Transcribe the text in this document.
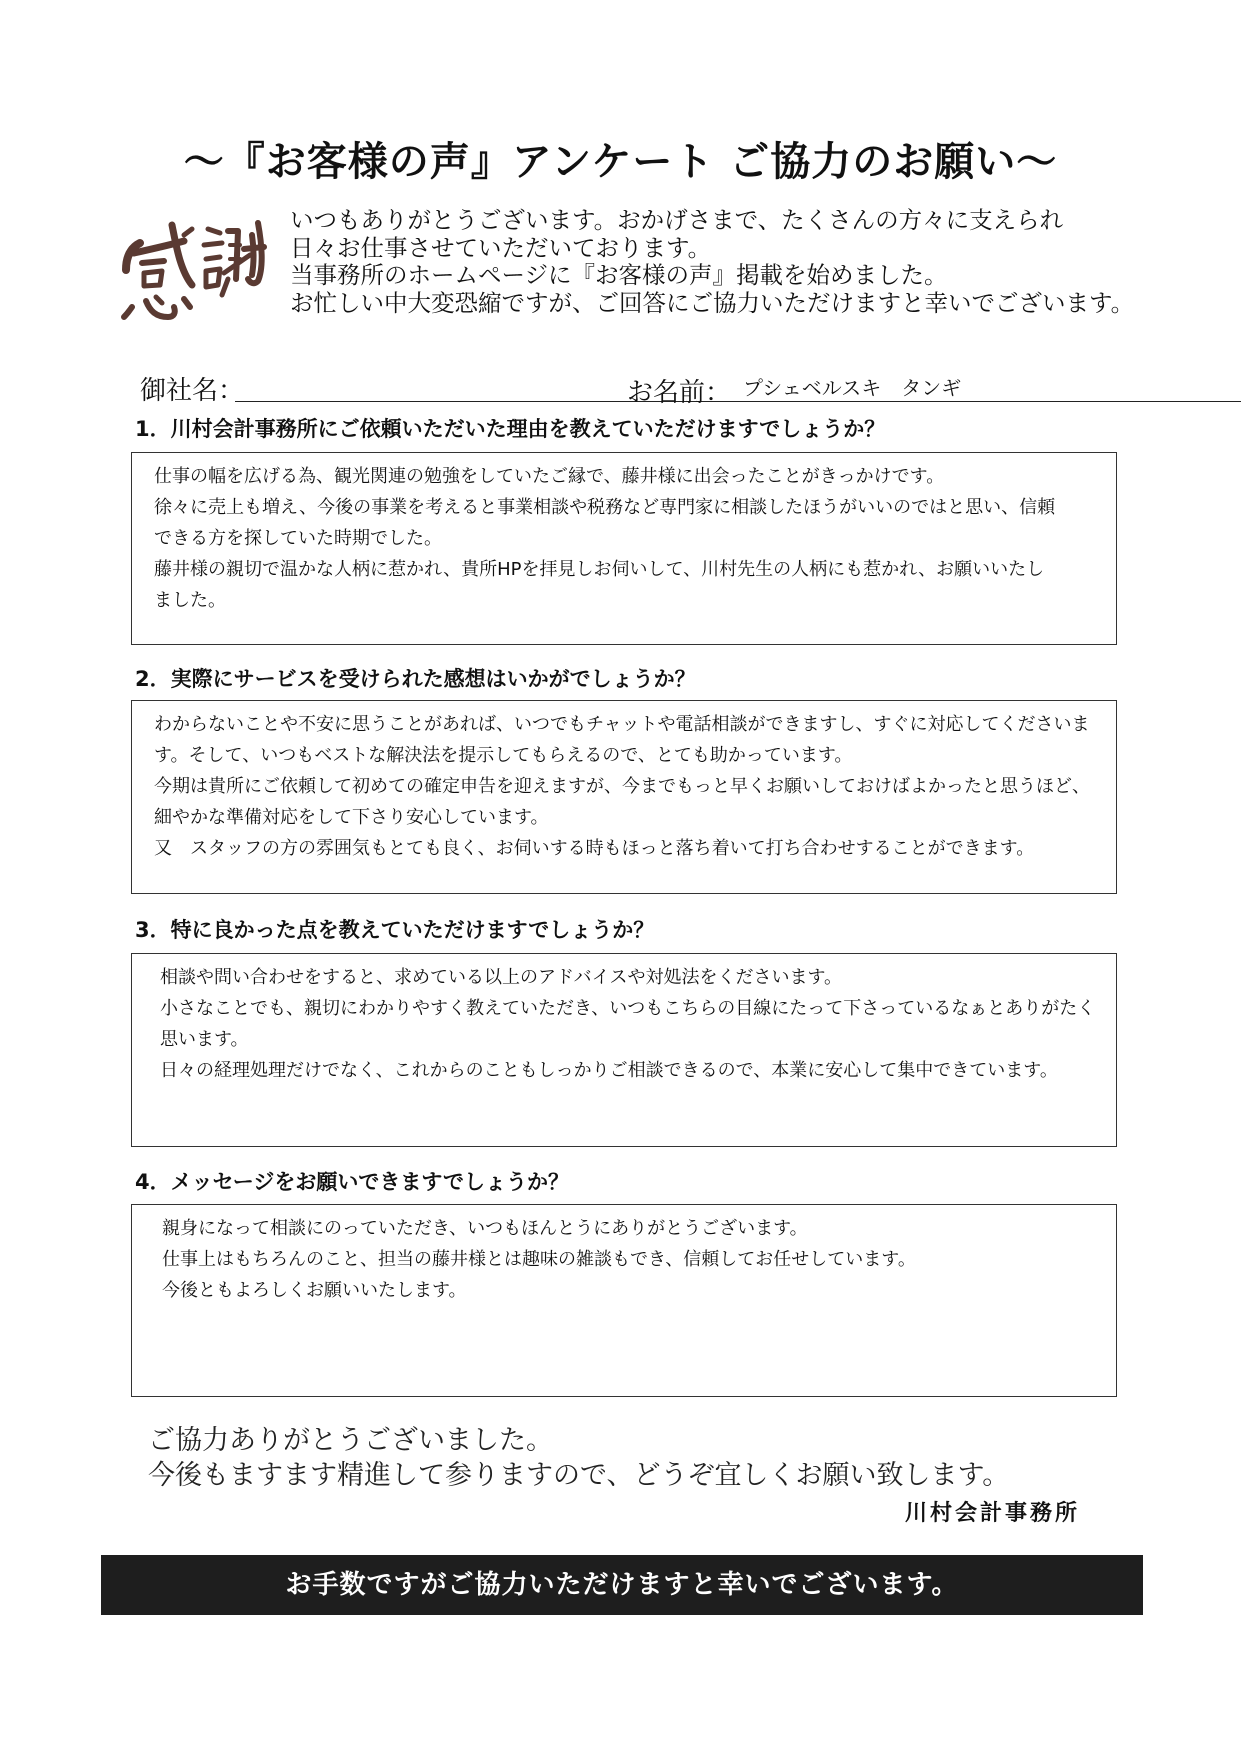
～『お客様の声』アンケート ご協力のお願い～
いつもありがとうございます。おかげさまで、たくさんの方々に支えられ
日々お仕事させていただいております。
当事務所のホームページに『お客様の声』掲載を始めました。
お忙しい中大変恐縮ですが、ご回答にご協力いただけますと幸いでございます。
御社名：	お名前： プシェベルスキ　タンギ
1．川村会計事務所にご依頼いただいた理由を教えていただけますでしょうか？
仕事の幅を広げる為、観光関連の勉強をしていたご縁で、藤井様に出会ったことがきっかけです。
徐々に売上も増え、今後の事業を考えると事業相談や税務など専門家に相談したほうがいいのではと思い、信頼
できる方を探していた時期でした。
藤井様の親切で温かな人柄に惹かれ、貴所HPを拝見しお伺いして、川村先生の人柄にも惹かれ、お願いいたし
ました。
2．実際にサービスを受けられた感想はいかがでしょうか？
わからないことや不安に思うことがあれば、いつでもチャットや電話相談ができますし、すぐに対応してくださいま
す。そして、いつもベストな解決法を提示してもらえるので、とても助かっています。
今期は貴所にご依頼して初めての確定申告を迎えますが、今までもっと早くお願いしておけばよかったと思うほど、
細やかな準備対応をして下さり安心しています。
又　スタッフの方の雰囲気もとても良く、お伺いする時もほっと落ち着いて打ち合わせすることができます。
3．特に良かった点を教えていただけますでしょうか？
相談や問い合わせをすると、求めている以上のアドバイスや対処法をくださいます。
小さなことでも、親切にわかりやすく教えていただき、いつもこちらの目線にたって下さっているなぁとありがたく
思います。
日々の経理処理だけでなく、これからのこともしっかりご相談できるので、本業に安心して集中できています。
4．メッセージをお願いできますでしょうか？
親身になって相談にのっていただき、いつもほんとうにありがとうございます。
仕事上はもちろんのこと、担当の藤井様とは趣味の雑談もでき、信頼してお任せしています。
今後ともよろしくお願いいたします。
ご協力ありがとうございました。
今後もますます精進して参りますので、どうぞ宜しくお願い致します。
川村会計事務所
お手数ですがご協力いただけますと幸いでございます。
